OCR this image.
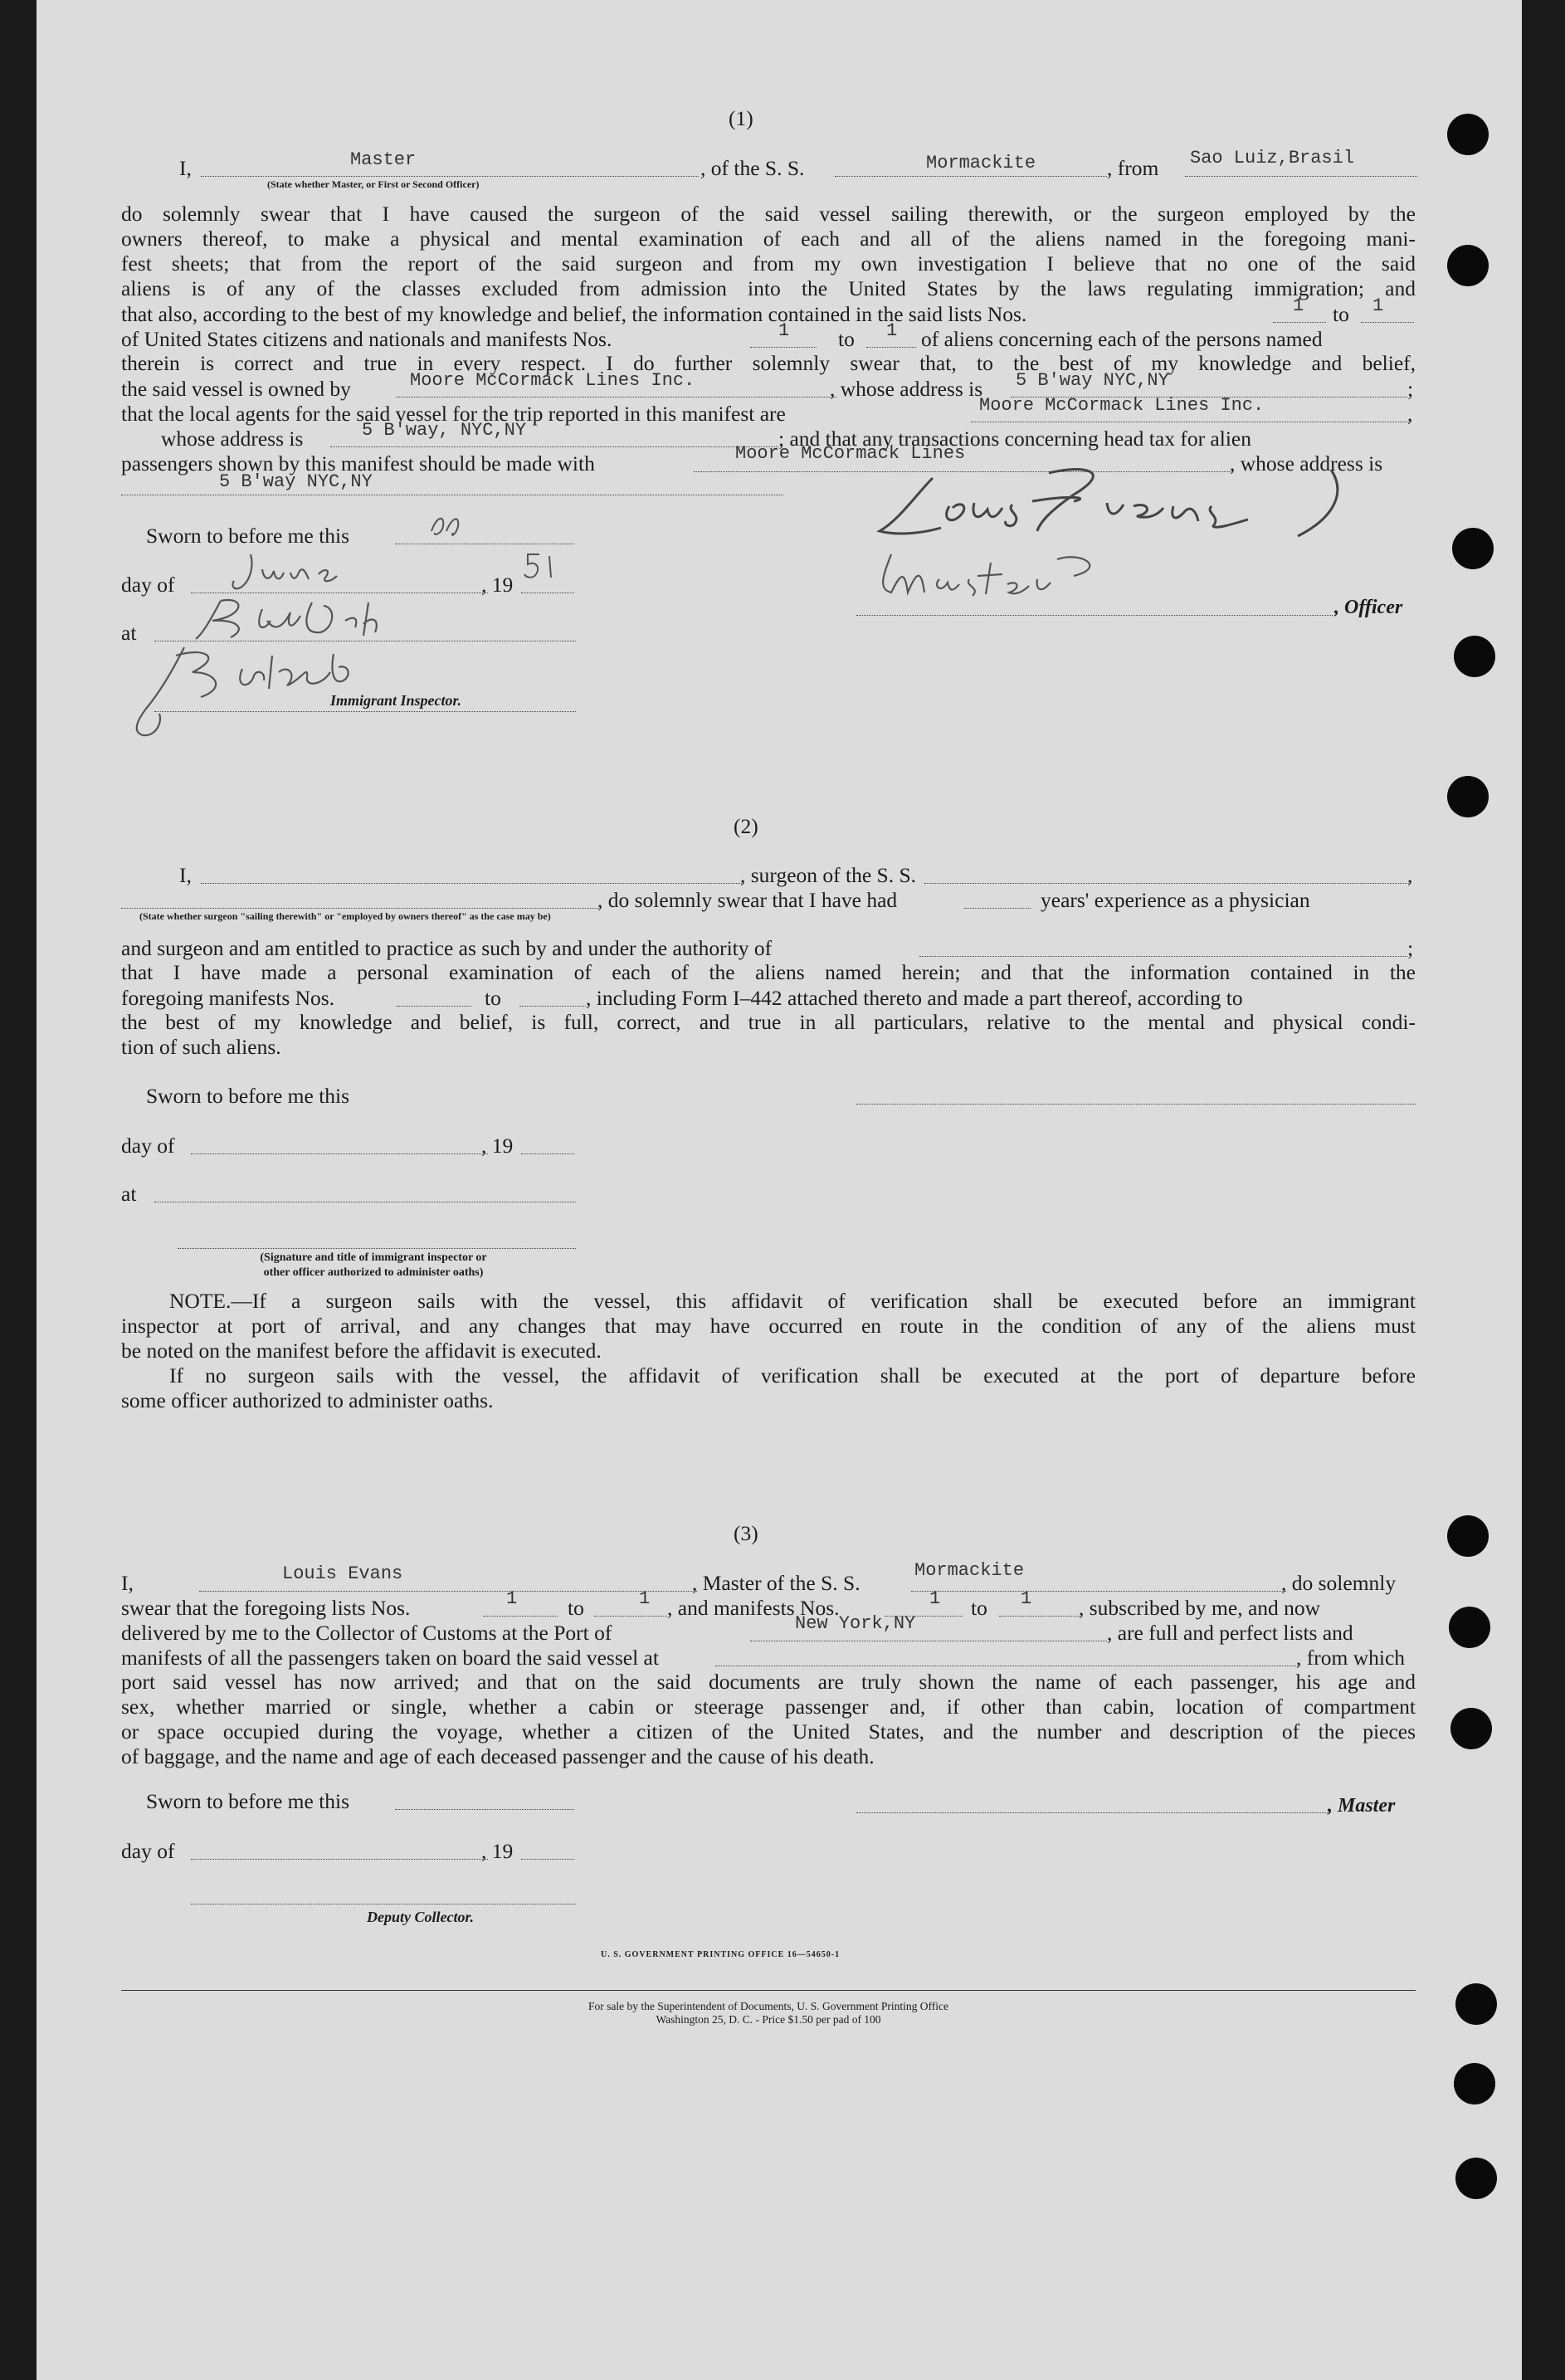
(1)
I,	Master
(State whether Master, or First or Second Officer)
, of the S. S.	Mormackite	, from Sao Luiz,Brasil
do solemnly swear that I have caused the surgeon of the said vessel sailing therewith, or the surgeon employed by the
owners thereof, to make a physical and mental examination of each and all of the aliens named in the foregoing mani-
fest sheets; that from the report of the said surgeon and from my own investigation I believe that no one of the said
aliens is of any of the classes excluded from admission into the United States by the laws regulating immigration; and
that also, according to the best of my knowledge and belief, the information contained in the said lists Nos.	1 to 1
of United States citizens and nationals and manifests Nos.	1 to 1 of aliens concerning each of the persons named
therein is correct and true in every respect. I do further solemnly swear that, to the best of my knowledge and belief,
the said vessel is owned by	Moore McCormack Lines Inc.	, whose address is 5 B'way NYC,NY	;
that the local agents for the said vessel for the trip reported in this manifest are	Moore McCormack Lines Inc.	,
whose address is	5 B'way, NYC,NY	; and that any transactions concerning head tax for alien
passengers shown by this manifest should be made with	Moore McCormack Lines	, whose address is
5 B'way NYC,NY
Sworn to before me this
day of	, 19
at
Immigrant Inspector.
, Officer
(2)
I,	, surgeon of the S. S.	,
, do solemnly swear that I have had	years' experience as a physician
(State whether surgeon "sailing therewith" or "employed by owners thereof" as the case may be)
and surgeon and am entitled to practice as such by and under the authority of	;
that I have made a personal examination of each of the aliens named herein; and that the information contained in the
foregoing manifests Nos.	to	, including Form I–442 attached thereto and made a part thereof, according to
the best of my knowledge and belief, is full, correct, and true in all particulars, relative to the mental and physical condi-
tion of such aliens.
Sworn to before me this
day of	, 19
at
(Signature and title of immigrant inspector or
other officer authorized to administer oaths)
NOTE.—If a surgeon sails with the vessel, this affidavit of verification shall be executed before an immigrant
inspector at port of arrival, and any changes that may have occurred en route in the condition of any of the aliens must
be noted on the manifest before the affidavit is executed.
If no surgeon sails with the vessel, the affidavit of verification shall be executed at the port of departure before
some officer authorized to administer oaths.
(3)
I,	Louis Evans	, Master of the S. S.
Mormackite
, do solemnly
swear that the foregoing lists Nos.	1 to	1 , and manifests Nos.	1 to 1 , subscribed by me, and now
delivered by me to the Collector of Customs at the Port of	New York,NY	, are full and perfect lists and
manifests of all the passengers taken on board the said vessel at	, from which
port said vessel has now arrived; and that on the said documents are truly shown the name of each passenger, his age and
sex, whether married or single, whether a cabin or steerage passenger and, if other than cabin, location of compartment
or space occupied during the voyage, whether a citizen of the United States, and the number and description of the pieces
of baggage, and the name and age of each deceased passenger and the cause of his death.
Sworn to before me this	, Master
day of	, 19
Deputy Collector.
U. S. GOVERNMENT PRINTING OFFICE 16—54650-1
For sale by the Superintendent of Documents, U. S. Government Printing Office
Washington 25, D. C. - Price $1.50 per pad of 100
